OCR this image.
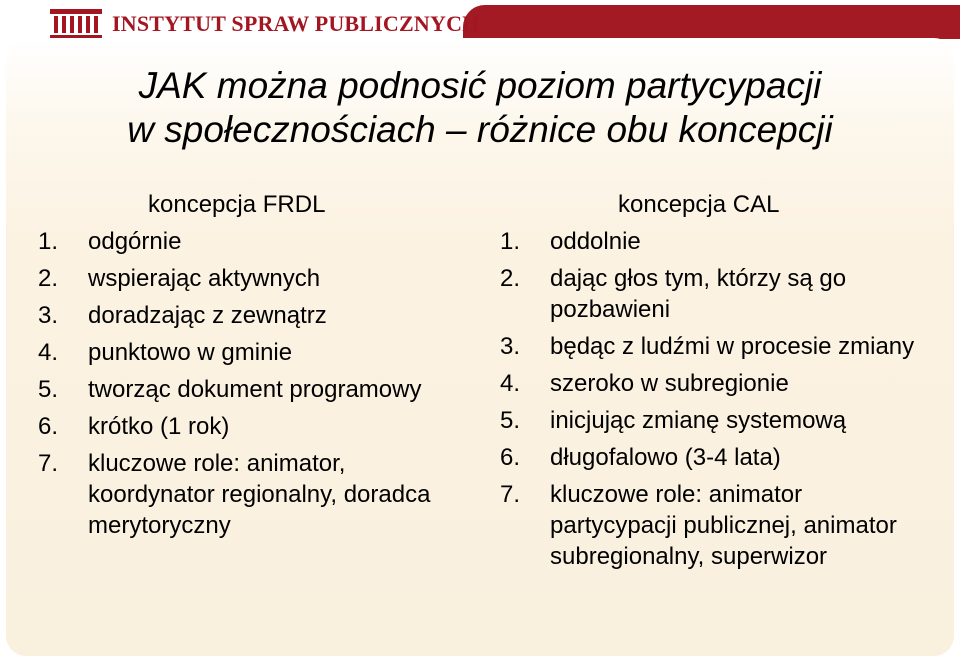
INSTYTUT SPRAW PUBLICZNYCH
JAK można podnosić poziom partycypacji
w społecznościach – różnice obu koncepcji
koncepcja FRDL
1.	odgórnie
2.	wspierając aktywnych
3.	doradzając z zewnątrz
4.	punktowo w gminie
5.	tworząc dokument programowy
6.	krótko (1 rok)
7.	kluczowe role: animator, koordynator regionalny, doradca merytoryczny
koncepcja CAL
1.	oddolnie
2.	dając głos tym, którzy są go pozbawieni
3.	będąc z ludźmi w procesie zmiany
4.	szeroko w subregionie
5.	inicjując zmianę systemową
6.	długofalowo (3-4 lata)
7.	kluczowe role: animator partycypacji publicznej, animator subregionalny, superwizor
